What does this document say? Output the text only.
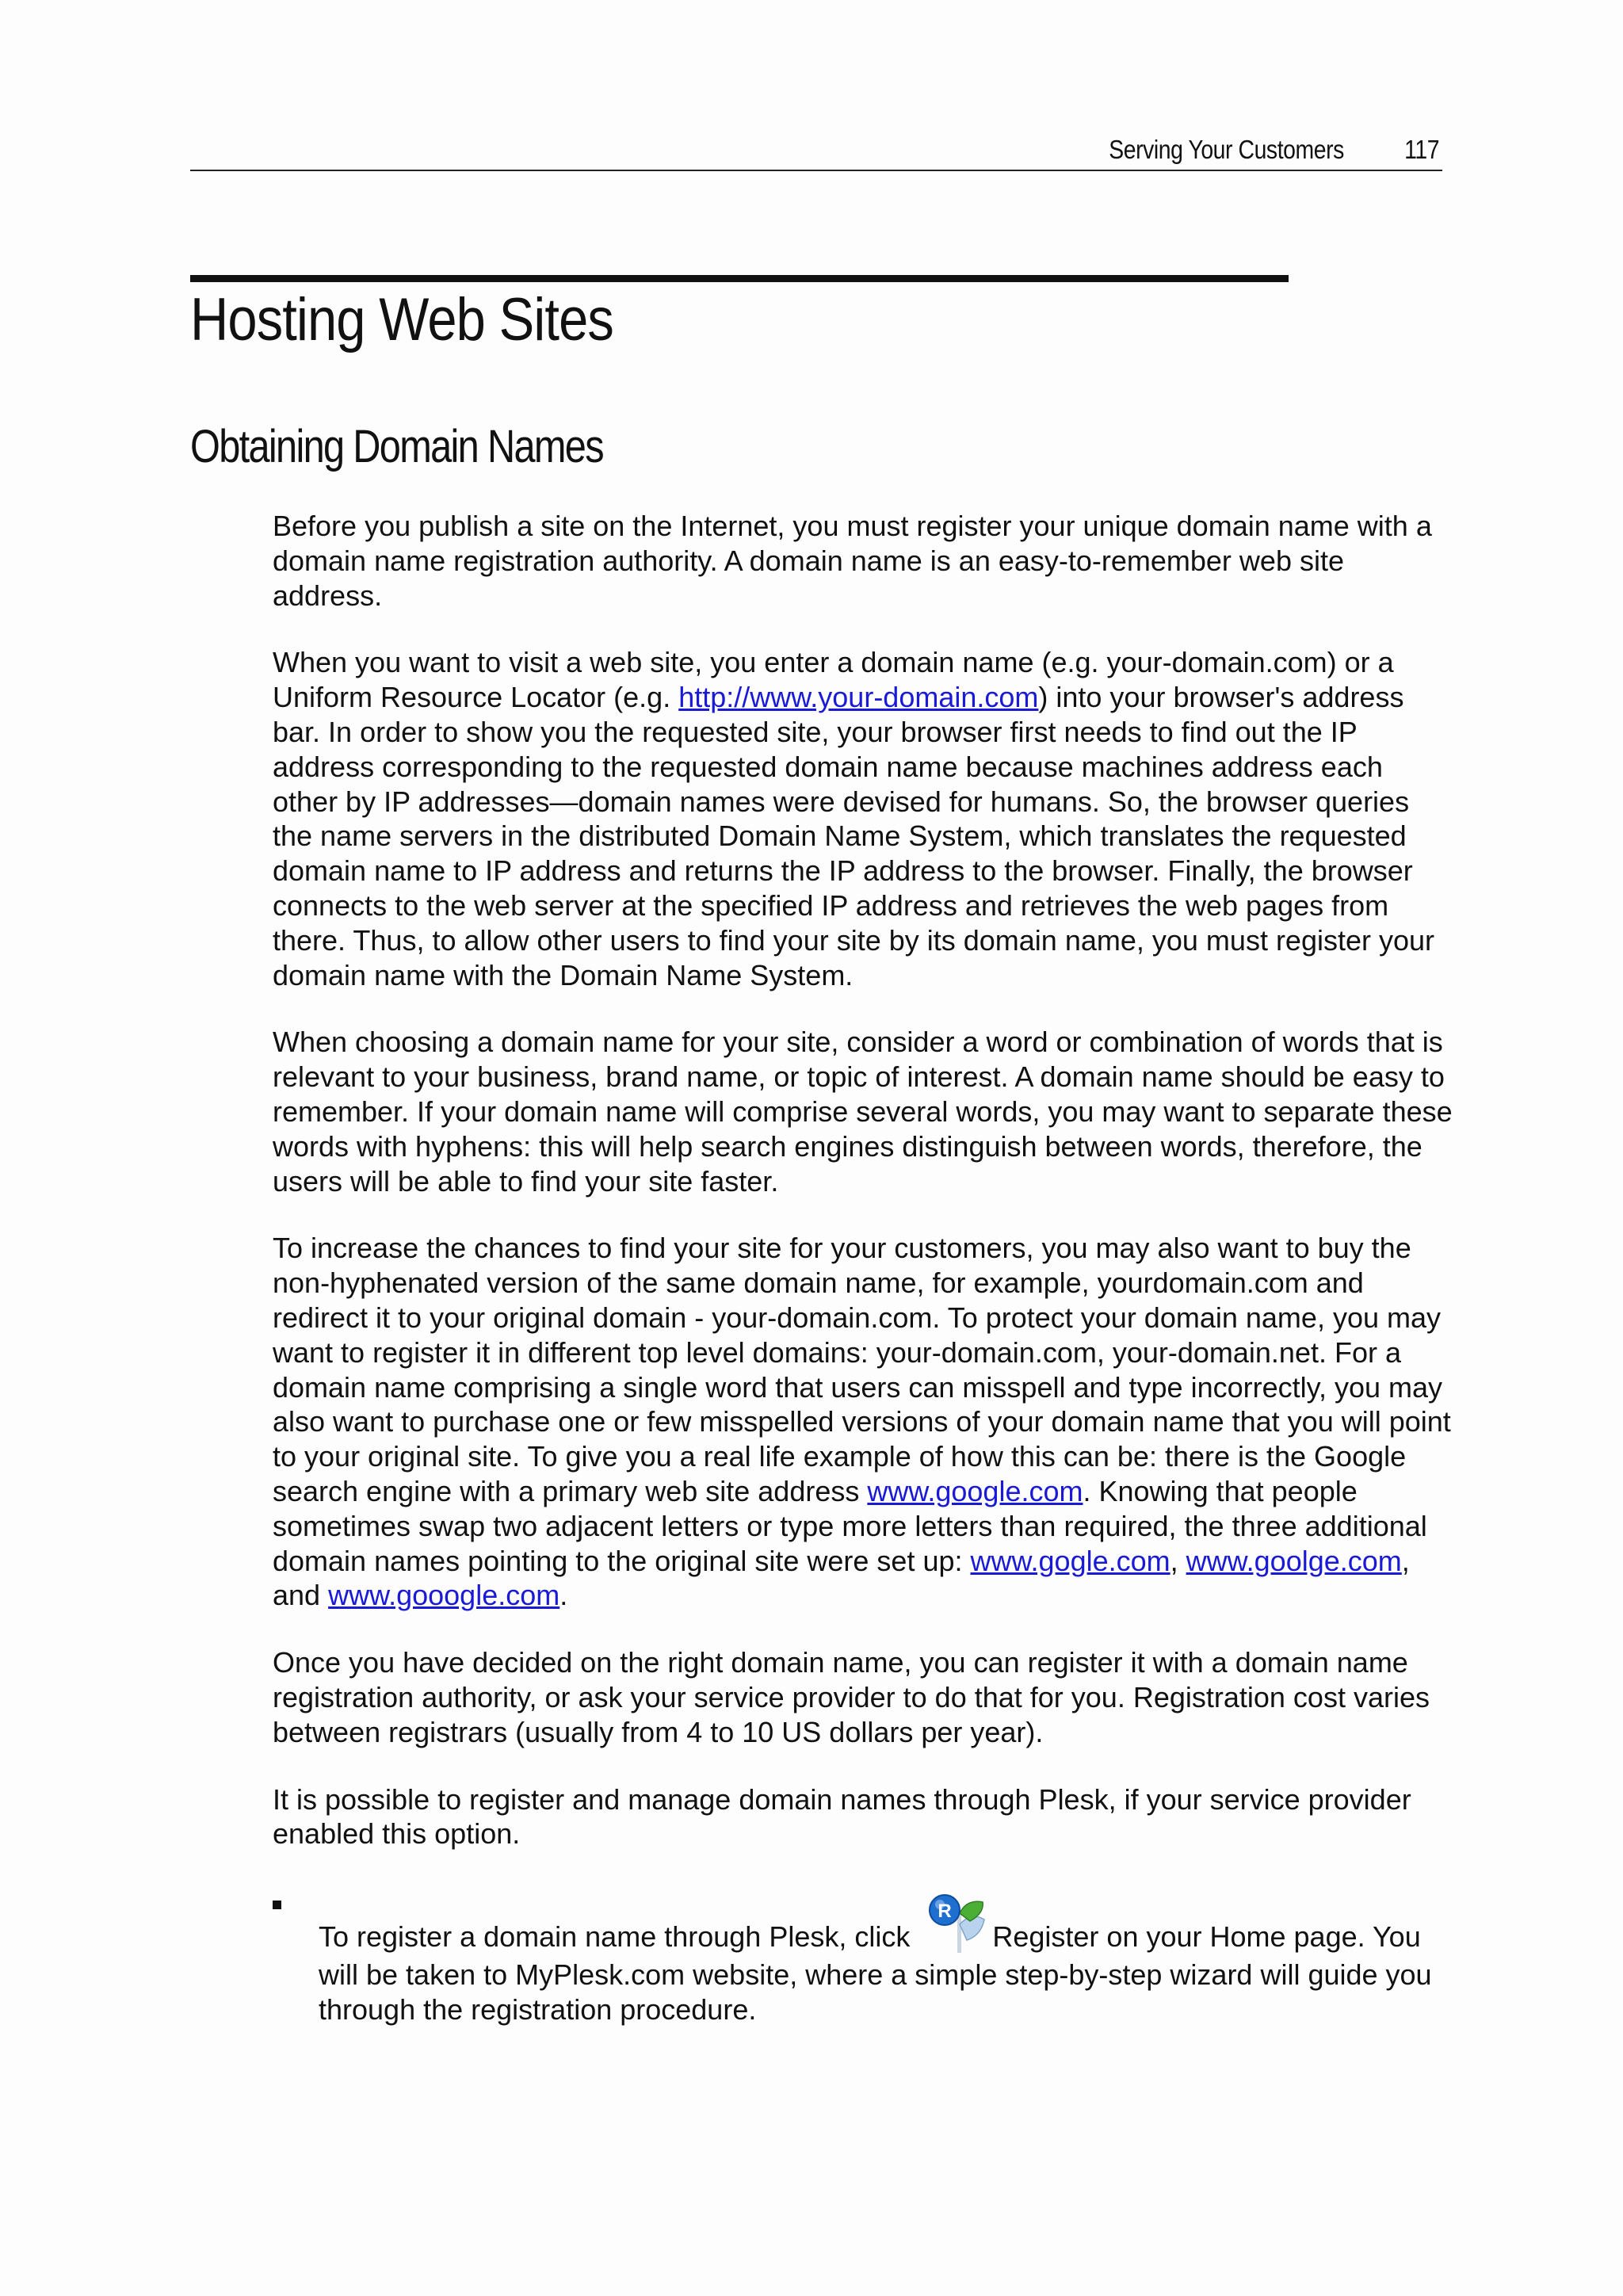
Serving Your Customers 117
Hosting Web Sites
Obtaining Domain Names

Before you publish a site on the Internet, you must register your unique domain name with a domain name registration authority. A domain name is an easy-to-remember web site address.

When you want to visit a web site, you enter a domain name (e.g. your-domain.com) or a Uniform Resource Locator (e.g. http://www.your-domain.com) into your browser's address bar. In order to show you the requested site, your browser first needs to find out the IP address corresponding to the requested domain name because machines address each other by IP addresses—domain names were devised for humans. So, the browser queries the name servers in the distributed Domain Name System, which translates the requested domain name to IP address and returns the IP address to the browser. Finally, the browser connects to the web server at the specified IP address and retrieves the web pages from there. Thus, to allow other users to find your site by its domain name, you must register your domain name with the Domain Name System.

When choosing a domain name for your site, consider a word or combination of words that is relevant to your business, brand name, or topic of interest. A domain name should be easy to remember. If your domain name will comprise several words, you may want to separate these words with hyphens: this will help search engines distinguish between words, therefore, the users will be able to find your site faster.

To increase the chances to find your site for your customers, you may also want to buy the non-hyphenated version of the same domain name, for example, yourdomain.com and redirect it to your original domain - your-domain.com. To protect your domain name, you may want to register it in different top level domains: your-domain.com, your-domain.net. For a domain name comprising a single word that users can misspell and type incorrectly, you may also want to purchase one or few misspelled versions of your domain name that you will point to your original site. To give you a real life example of how this can be: there is the Google search engine with a primary web site address www.google.com. Knowing that people sometimes swap two adjacent letters or type more letters than required, the three additional domain names pointing to the original site were set up: www.gogle.com, www.goolge.com, and www.gooogle.com.

Once you have decided on the right domain name, you can register it with a domain name registration authority, or ask your service provider to do that for you. Registration cost varies between registrars (usually from 4 to 10 US dollars per year).

It is possible to register and manage domain names through Plesk, if your service provider enabled this option.

To register a domain name through Plesk, click
R
Register on your Home page. You will be taken to MyPlesk.com website, where a simple step-by-step wizard will guide you through the registration procedure.
